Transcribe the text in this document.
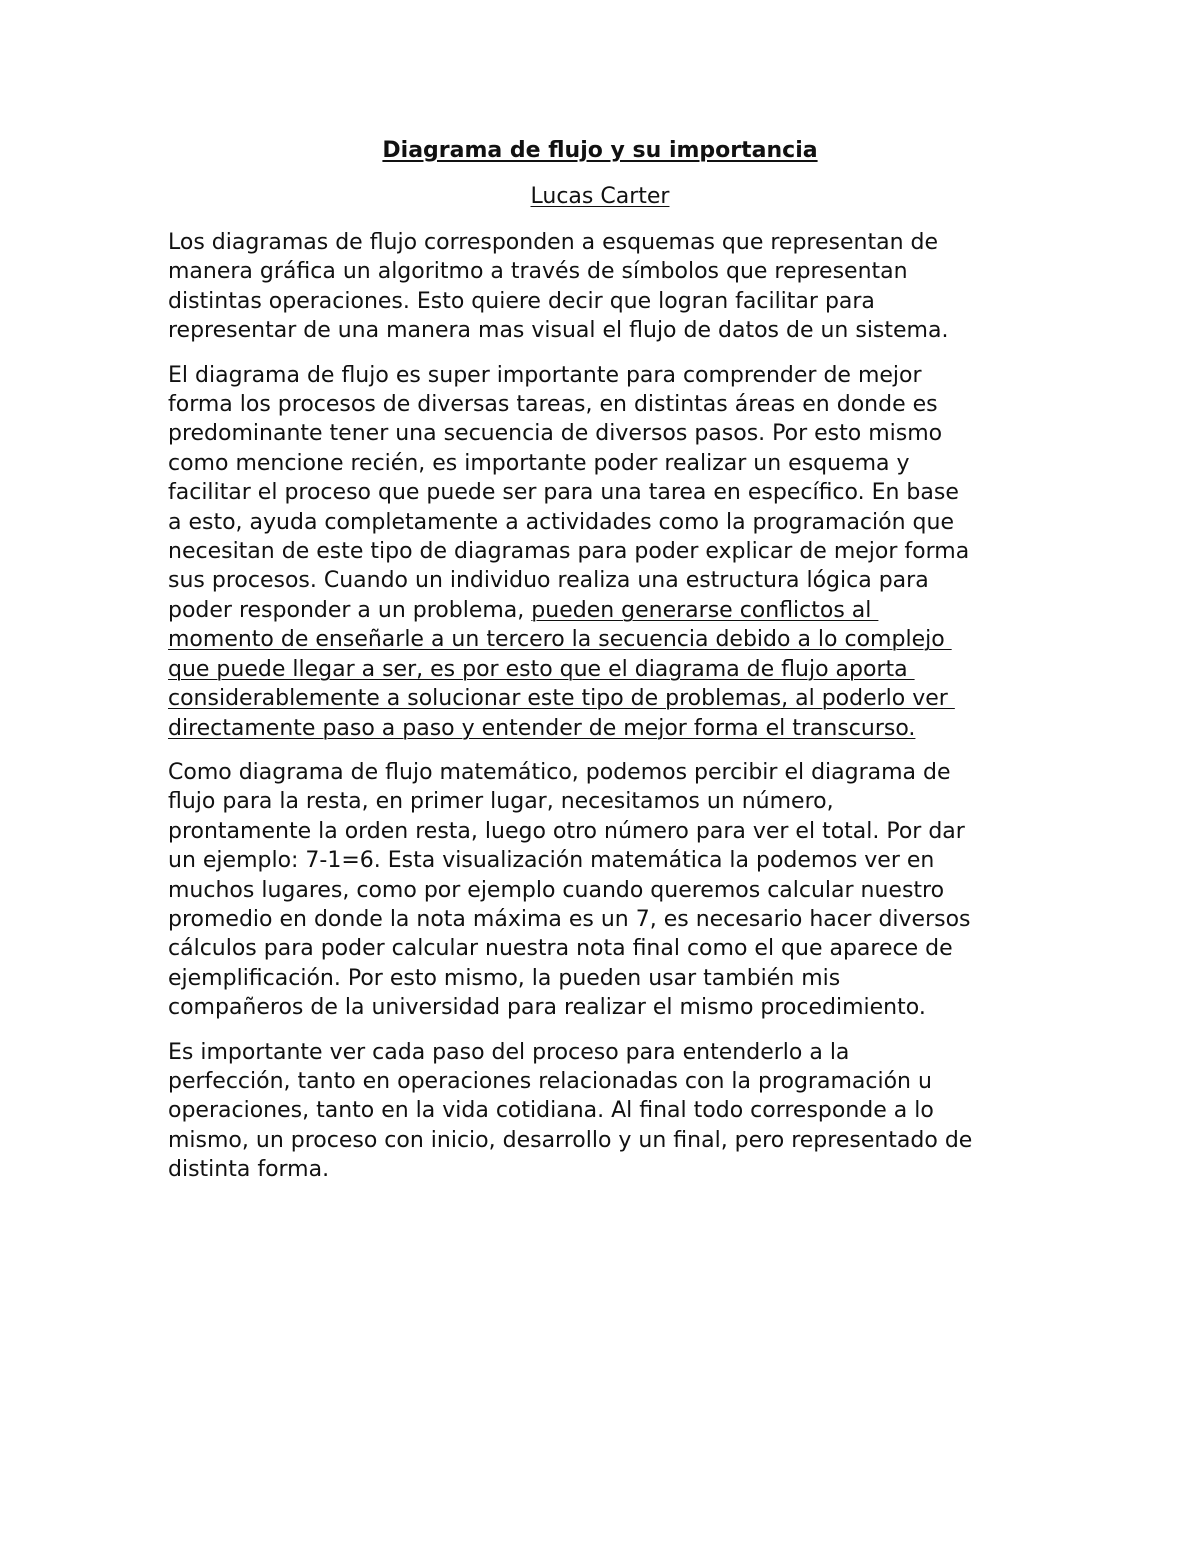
Diagrama de flujo y su importancia
Lucas Carter

Los diagramas de flujo corresponden a esquemas que representan de
manera gráfica un algoritmo a través de símbolos que representan
distintas operaciones. Esto quiere decir que logran facilitar para
representar de una manera mas visual el flujo de datos de un sistema.

El diagrama de flujo es super importante para comprender de mejor
forma los procesos de diversas tareas, en distintas áreas en donde es
predominante tener una secuencia de diversos pasos. Por esto mismo
como mencione recién, es importante poder realizar un esquema y
facilitar el proceso que puede ser para una tarea en específico. En base
a esto, ayuda completamente a actividades como la programación que
necesitan de este tipo de diagramas para poder explicar de mejor forma
sus procesos. Cuando un individuo realiza una estructura lógica para
poder responder a un problema, pueden generarse conflictos al
momento de enseñarle a un tercero la secuencia debido a lo complejo
que puede llegar a ser, es por esto que el diagrama de flujo aporta
considerablemente a solucionar este tipo de problemas, al poderlo ver
directamente paso a paso y entender de mejor forma el transcurso.

Como diagrama de flujo matemático, podemos percibir el diagrama de
flujo para la resta, en primer lugar, necesitamos un número,
prontamente la orden resta, luego otro número para ver el total. Por dar
un ejemplo: 7-1=6. Esta visualización matemática la podemos ver en
muchos lugares, como por ejemplo cuando queremos calcular nuestro
promedio en donde la nota máxima es un 7, es necesario hacer diversos
cálculos para poder calcular nuestra nota final como el que aparece de
ejemplificación. Por esto mismo, la pueden usar también mis
compañeros de la universidad para realizar el mismo procedimiento.

Es importante ver cada paso del proceso para entenderlo a la
perfección, tanto en operaciones relacionadas con la programación u
operaciones, tanto en la vida cotidiana. Al final todo corresponde a lo
mismo, un proceso con inicio, desarrollo y un final, pero representado de
distinta forma.
